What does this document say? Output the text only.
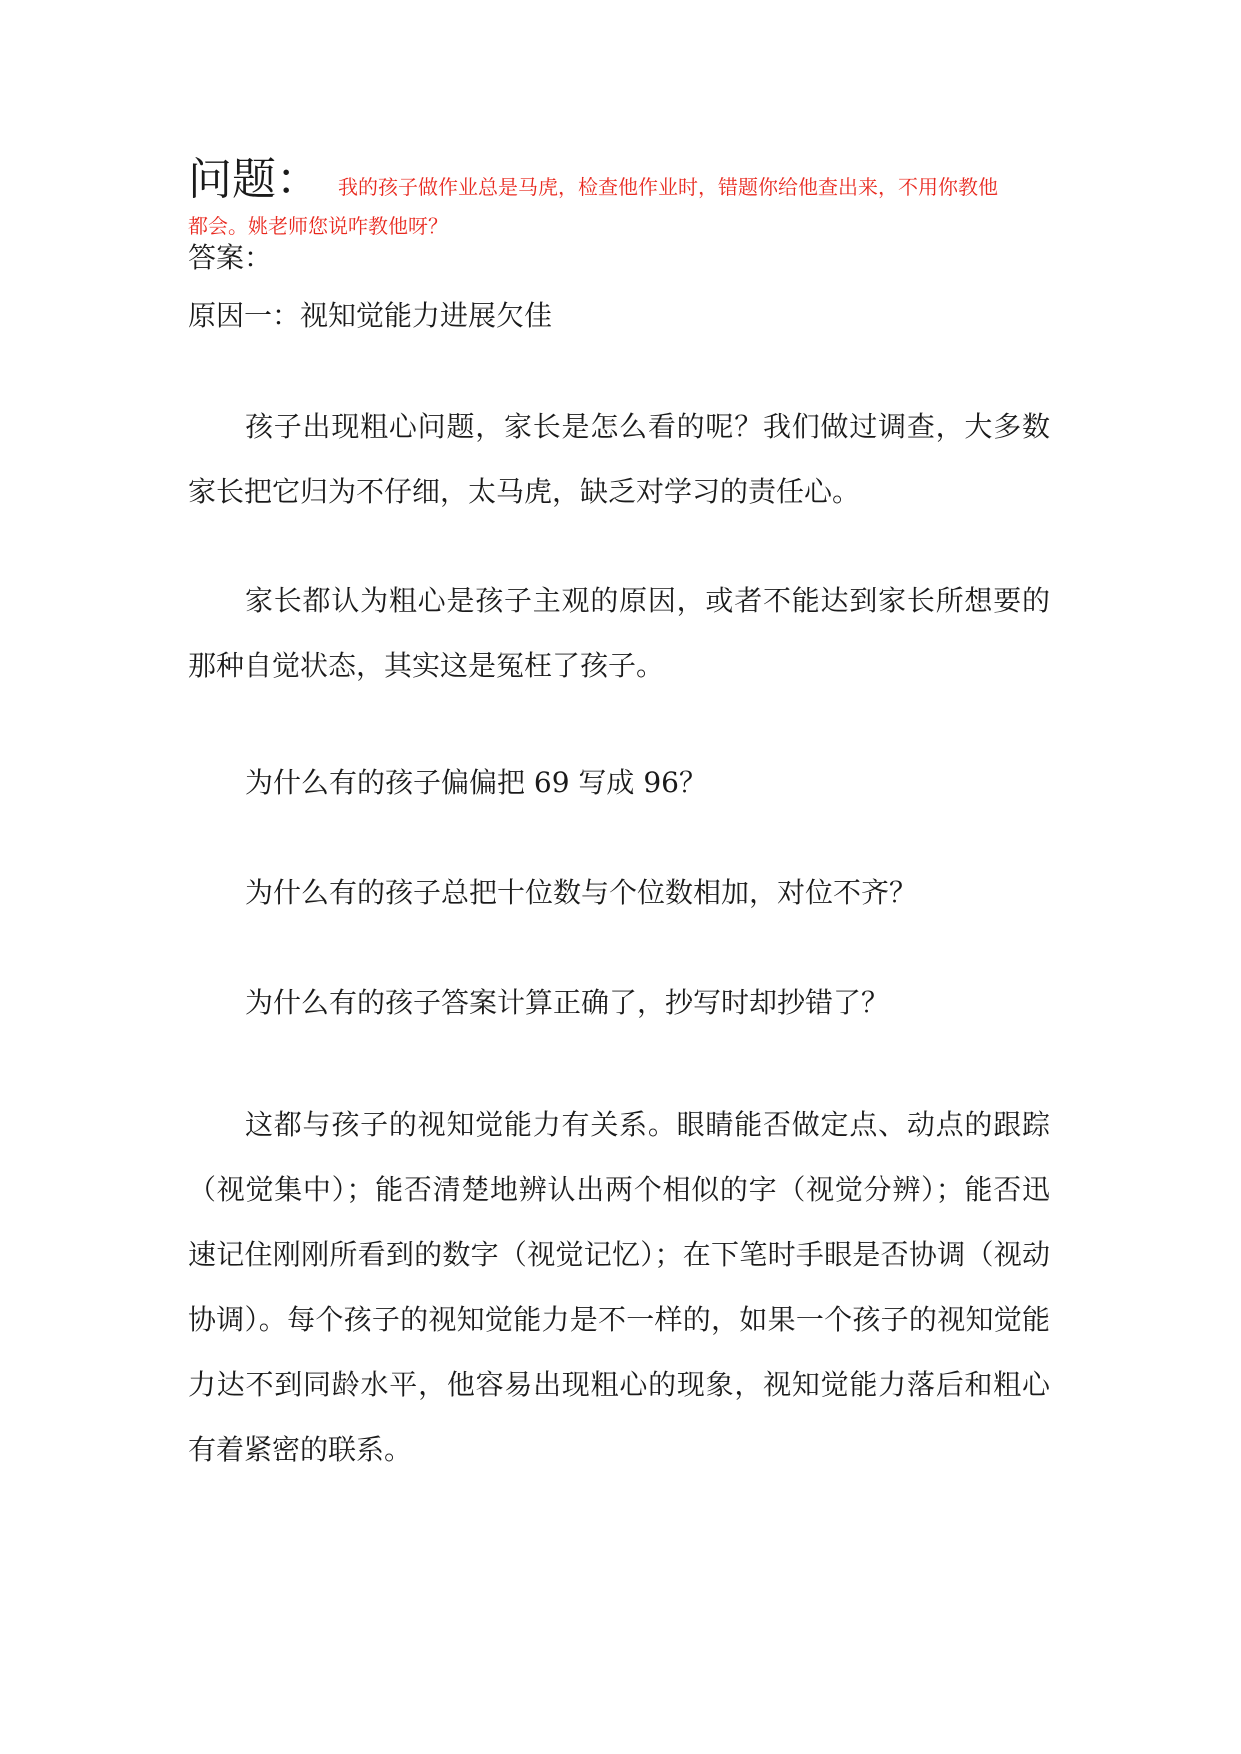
问题： 我的孩子做作业总是马虎，检查他作业时，错题你给他查出来，不用你教他
都会。姚老师您说咋教他呀？
答案：
原因一：视知觉能力进展欠佳
孩子出现粗心问题，家长是怎么看的呢？我们做过调查，大多数家长把它归为不仔细，太马虎，缺乏对学习的责任心。
家长都认为粗心是孩子主观的原因，或者不能达到家长所想要的那种自觉状态，其实这是冤枉了孩子。
为什么有的孩子偏偏把 69 写成 96？
为什么有的孩子总把十位数与个位数相加，对位不齐？
为什么有的孩子答案计算正确了，抄写时却抄错了？
这都与孩子的视知觉能力有关系。眼睛能否做定点、动点的跟踪（视觉集中）；能否清楚地辨认出两个相似的字（视觉分辨）；能否迅速记住刚刚所看到的数字（视觉记忆）；在下笔时手眼是否协调（视动协调）。每个孩子的视知觉能力是不一样的，如果一个孩子的视知觉能力达不到同龄水平，他容易出现粗心的现象，视知觉能力落后和粗心有着紧密的联系。
